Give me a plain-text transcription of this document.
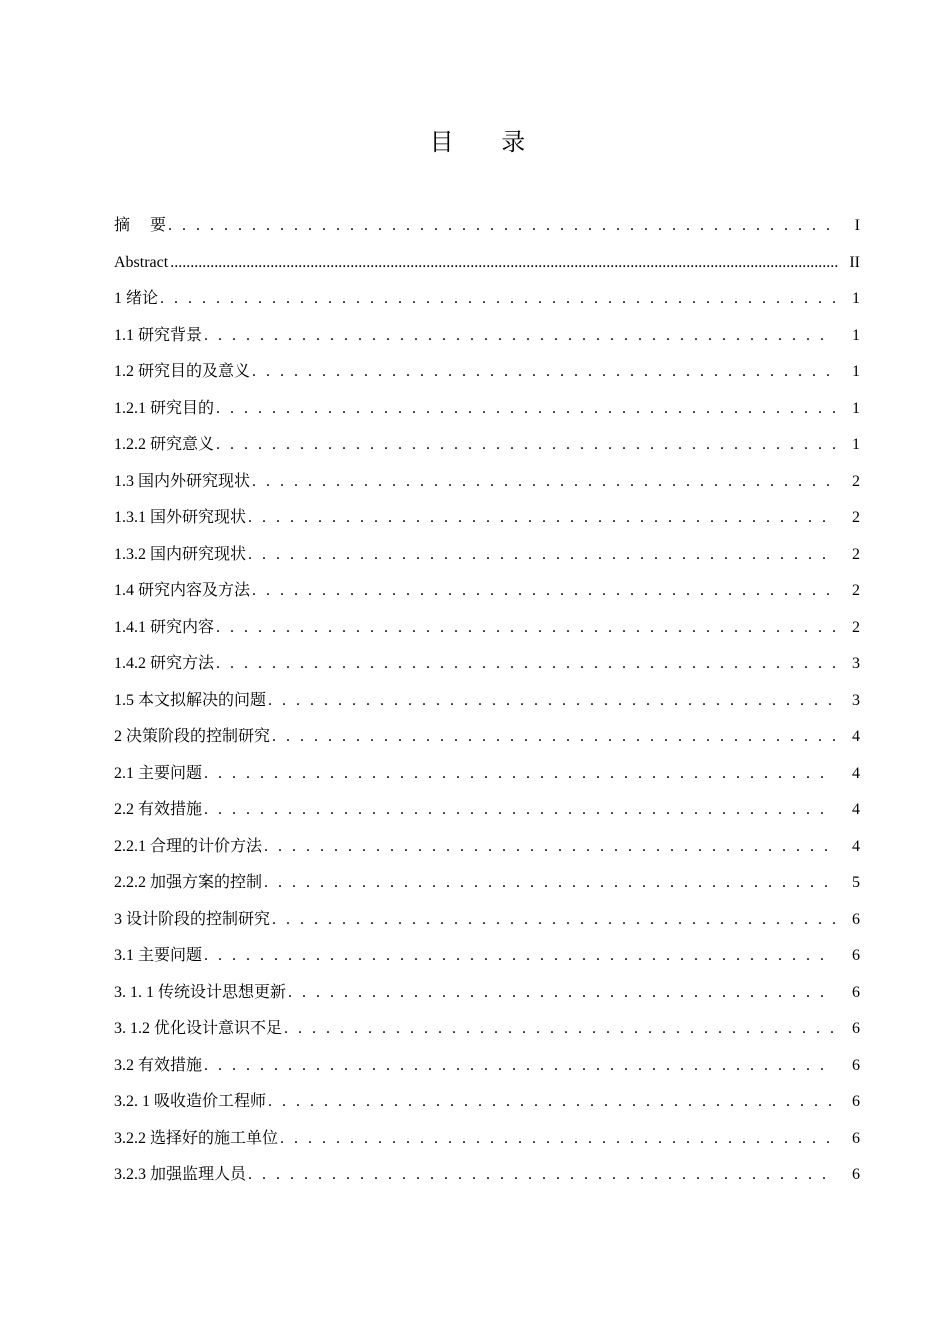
目 录
摘　 要 . . .	I
Abstract .....	II
1 绪论 . . .	1
1.1 研究背景 . . .	1
1.2 研究目的及意义 . . .	1
1.2.1 研究目的 . . .	1
1.2.2 研究意义 . . .	1
1.3 国内外研究现状 . . .	2
1.3.1 国外研究现状 . . .	2
1.3.2 国内研究现状 . . .	2
1.4 研究内容及方法 . . .	2
1.4.1 研究内容 . . .	2
1.4.2 研究方法 . . .	3
1.5 本文拟解决的问题 . . .	3
2 决策阶段的控制研究 . . .	4
2.1 主要问题 . . .	4
2.2 有效措施 . . .	4
2.2.1 合理的计价方法 . . .	4
2.2.2 加强方案的控制 . . .	5
3 设计阶段的控制研究 . . .	6
3.1 主要问题 . . .	6
3. 1. 1 传统设计思想更新 . . .	6
3. 1.2 优化设计意识不足 . . .	6
3.2 有效措施 . . .	6
3.2. 1 吸收造价工程师 . . .	6
3.2.2 选择好的施工单位 . . .	6
3.2.3 加强监理人员 . . .	6
